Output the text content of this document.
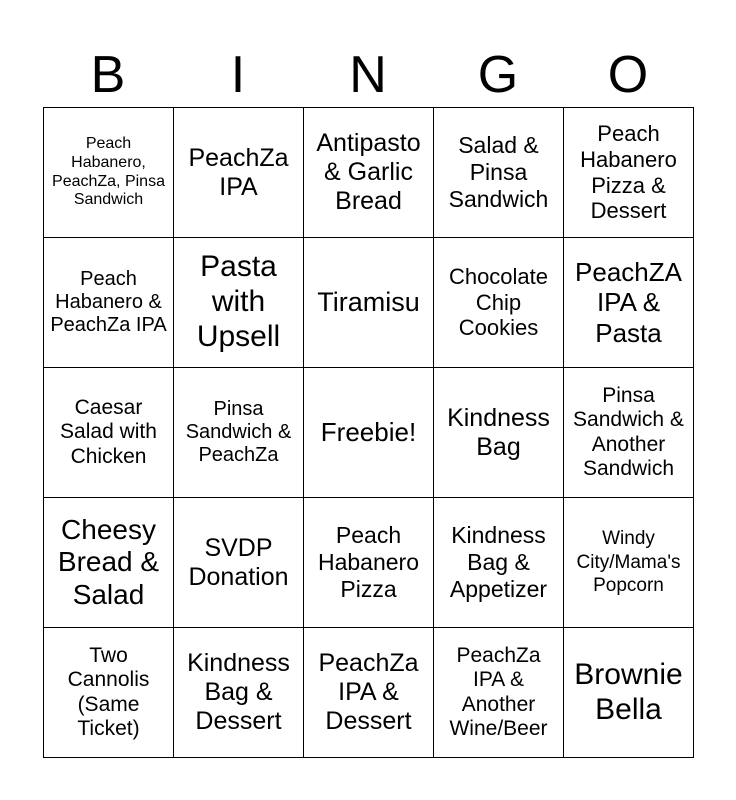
B	I	N	G	O
Peach Habanero, PeachZa, Pinsa Sandwich	PeachZa IPA	Antipasto & Garlic Bread	Salad & Pinsa Sandwich	Peach Habanero Pizza & Dessert
Peach Habanero & PeachZa IPA	Pasta with Upsell	Tiramisu	Chocolate Chip Cookies	PeachZA IPA & Pasta
Caesar Salad with Chicken	Pinsa Sandwich & PeachZa	Freebie!	Kindness Bag	Pinsa Sandwich & Another Sandwich
Cheesy Bread & Salad	SVDP Donation	Peach Habanero Pizza	Kindness Bag & Appetizer	Windy City/Mama's Popcorn
Two Cannolis (Same Ticket)	Kindness Bag & Dessert	PeachZa IPA & Dessert	PeachZa IPA & Another Wine/Beer	Brownie Bella
